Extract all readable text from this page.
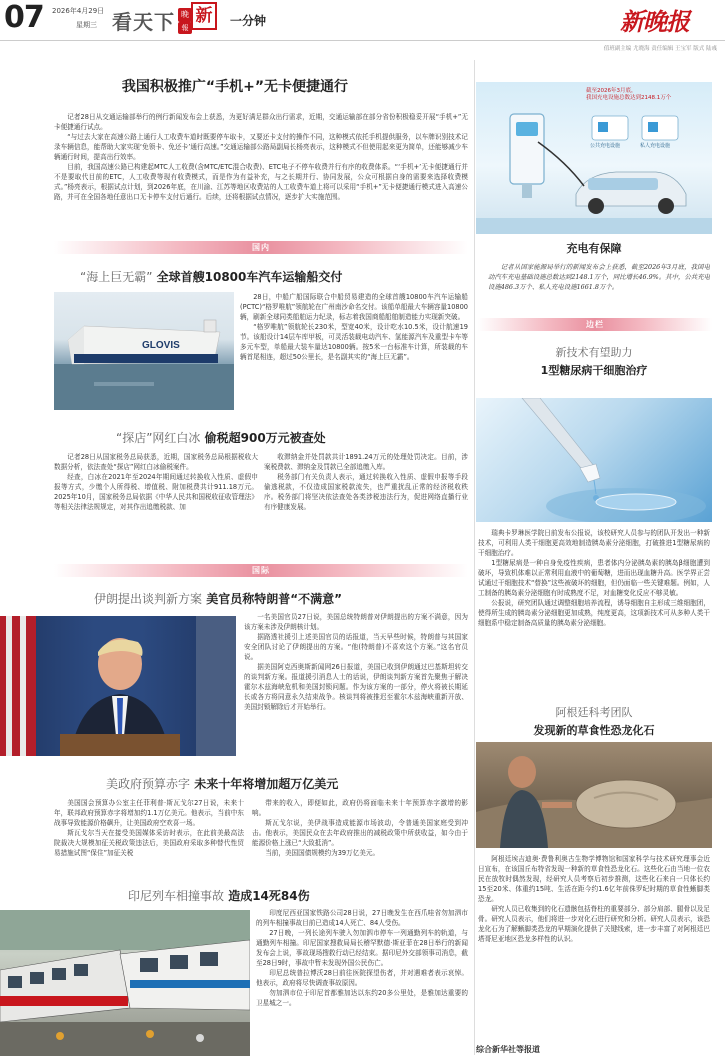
07 2026年4月29日
星期三 看天下 晚 新
報	一分钟	新晚报
值班副主编 尤晓海 责任编辑 王宝军 版式 陆彧
我国积极推广“手机+”无卡便捷通行

记者28日从交通运输部举行的例行新闻发布会上获悉，为更好满足群众出行需求，近期，交通运输部在部分省份积极稳妥开展“手机+”无卡便捷通行试点。

“与过去大家在高速公路上通行人工收费车道时既要停车取卡，又要还卡支付的操作不同，这种模式依托手机提供服务，以车牌识别技术记录车辆信息，能帮助大家实现‘免领卡、免还卡’通行高速。”交通运输部公路局副局长杨亮表示，这种模式不但使用起来更为简单，还能够减少车辆通行时间，提高出行效率。

目前，我国高速公路已构建起MTC人工收费(含MTC/ETC混合收费)、ETC电子不停车收费并行有序的收费体系。“‘手机+’无卡便捷通行并不是要取代目前的ETC，人工收费等现有收费模式，而是作为有益补充，与之长期并行、协同发展，公众可根据自身的需要来选择收费模式。”杨亮表示，根据试点计划，到2026年底，在川渝、江苏等地区收费站的人工收费车道上将可以采用“手机+”无卡便捷通行模式进入高速公路，并可在全国各地任意出口无卡停车支付后通行。后续，还将根据试点情况，逐步扩大实施范围。

国内
“海上巨无霸” 全球首艘10800车汽车运输船交付
GLOVIS

28日，中船广船国际联合中船贸易建造的全球首艘10800车汽车运输船(PCTC)“格罗唯航”领航轮在广州南沙命名交付。该船单船最大车辆容量10800辆，刷新全球同类船舶运力纪录，标志着我国商船船舶制造能力实现新突破。

“格罗唯航”领航轮长230米，型宽40米，设计吃水10.5米，设计航速19节。该船设计14层车库甲板，可灵活装载电动汽车、氢能源汽车及重型卡车等多元车型，单船最大装车量达10800辆。按5米一台标准车计算，所装载的车辆首尾相连，超过50公里长，是名副其实的“海上巨无霸”。

“探店”网红白冰 偷税超900万元被查处

记者28日从国家税务总局获悉，近期，国家税务总局根据税收大数据分析，依法查处“探店”网红白冰偷税案件。

经查，白冰在2021年至2024年期间通过转换收入性质、虚假申报等方式，少缴个人所得税、增值税、附加税费共计911.18万元。2025年10月，国家税务总局依据《中华人民共和国税收征收管理法》等相关法律法规规定，对其作出追缴税款、加

收滞纳金并处罚款共计1891.24万元的处理处罚决定。目前，涉案税费款、滞纳金及罚款已全部追缴入库。

税务部门有关负责人表示，通过转换收入性质、虚假申报等手段偷逃税款，不仅造成国家税款流失，也严重扰乱正常的经济税收秩序。税务部门将坚决依法查处各类涉税违法行为，促进网络直播行业有序健康发展。

国际
伊朗提出谈判新方案 美官员称特朗普“不满意”

一名美国官员27日说，美国总统特朗普对伊朗提出的方案不满意，因为该方案未涉及伊朗核计划。

据路透社援引上述美国官员的话报道，当天早些时候，特朗普与其国家安全团队讨论了伊朗提出的方案。“他(特朗普)不喜欢这个方案。”这名官员说。

据美国阿克西奥斯新闻网26日报道，美国已收到伊朗通过巴基斯坦转交的谈判新方案。报道援引消息人士的话说，伊朗谈判新方案首先聚焦于解决霍尔木兹海峡危机和美国封锁问题。作为该方案的一部分，停火将被长期延长或各方将同意永久结束战争。核谈判将被推迟至霍尔木兹海峡重新开放、美国封锁解除后才开始举行。

美政府预算赤字 未来十年将增加超万亿美元

美国国会预算办公室主任菲利普·斯瓦戈尔27日说，未来十年，联邦政府预算赤字将增加约1.1万亿美元。他表示，当前中东战事导致能源价格飙升，让美国政府空欢喜一场。

斯瓦戈尔当天在接受美国媒体采访时表示，在此前美最高法院裁决大规模加征关税政策违法后，美国政府采取多种替代性贸易措施试图“保住”加征关税

带来的收入，即便如此，政府仍将面临未来十年预算赤字激增的影响。

斯瓦戈尔说，美伊战事造成能源市场波动，令普通美国家庭受到冲击。他表示，美国民众在去年政府推出的减税政策中所获收益，如今由于能源价格上涨已“大致抵消”。

当前，美国国债规模约为39万亿美元。

印尼列车相撞事故 造成14死84伤

印度尼西亚国家铁路公司28日说，27日晚发生在西爪哇省勿加泗市的列车相撞事故目前已造成14人死亡、84人受伤。

27日晚，一列长途列车驶入勿加泗市停车一列通勤列车的轨道，与通勤列车相撞。印尼国家搜救局局长稽罕默德·斯亚菲在28日举行的新闻发布会上说，事故现场搜救行动已经结束。据印尼外交部领事司消息，截至28日9时，事故中暂未发现外国公民伤亡。

印尼总统普拉博沃28日前往医院探望伤者，并对遇难者表示哀悼。他表示，政府将尽快调查事故原因。

勿加泗市位于印尼首都雅加达以东约20多公里处，是雅加达重要的卫星城之一。

截至2026年3月底，
我国充电设施总数达到2148.1万个
公共充电设施	私人充电设施
充电有保障
记者从国家能源局举行的新闻发布会上获悉，截至2026年3月底，我国电动汽车充电基础设施总数达到2148.1万个，同比增长46.9%。其中，公共充电设施486.3万个、私人充电设施1661.8万个。
边栏
新技术有望助力
1型糖尿病干细胞治疗

瑞典卡罗琳医学院日前发布公报说，该校研究人员参与的团队开发出一种新技术，可利用人类干细胞更高效地制造胰岛素分泌细胞，打破推进1型糖尿病的干细胞治疗。

1型糖尿病是一种自身免疫性疾病，患者体内分泌胰岛素的胰岛β细胞遭到破坏，导致机体难以正常利用血液中的葡萄糖，进而出现血糖升高。医学界正尝试通过干细胞技术“替换”这些被破坏的细胞，但仍面临一些关键难题。例如，人工制备的胰岛素分泌细胞有时成熟度不足，对血糖变化反应不够灵敏。

公报说，研究团队通过调整细胞培养流程，诱导细胞自主形成三维细胞团，使得所生成的胰岛素分泌细胞更加成熟，纯度更高，这项新技术可从多种人类干细胞系中稳定制备高质量的胰岛素分泌细胞。

阿根廷科考团队
发现新的草食性恐龙化石

阿根廷埃吉迪奥·费鲁利奥古生物学博物馆和国家科学与技术研究理事会近日宣布，在该国丘布特省发现一种新的草食性恐龙化石。这些化石由当地一位农民在放牧时偶然发现，经研究人员考察后初步推测，这些化石来自一只体长约15至20米、体重约15吨、生活在距今约1.6亿年前侏罗纪时期的草食性蜥脚类恐龙。

研究人员已收集到的化石遗骸包括脊柱的重要部分、部分肩部、腿骨以及足骨。研究人员表示，他们将进一步对化石进行研究和分析。研究人员表示，该恐龙化石为了解蜥脚类恐龙的早期演化提供了关键线索，进一步丰富了对阿根廷巴塔哥尼亚地区恐龙多样性的认识。

综合新华社等报道
